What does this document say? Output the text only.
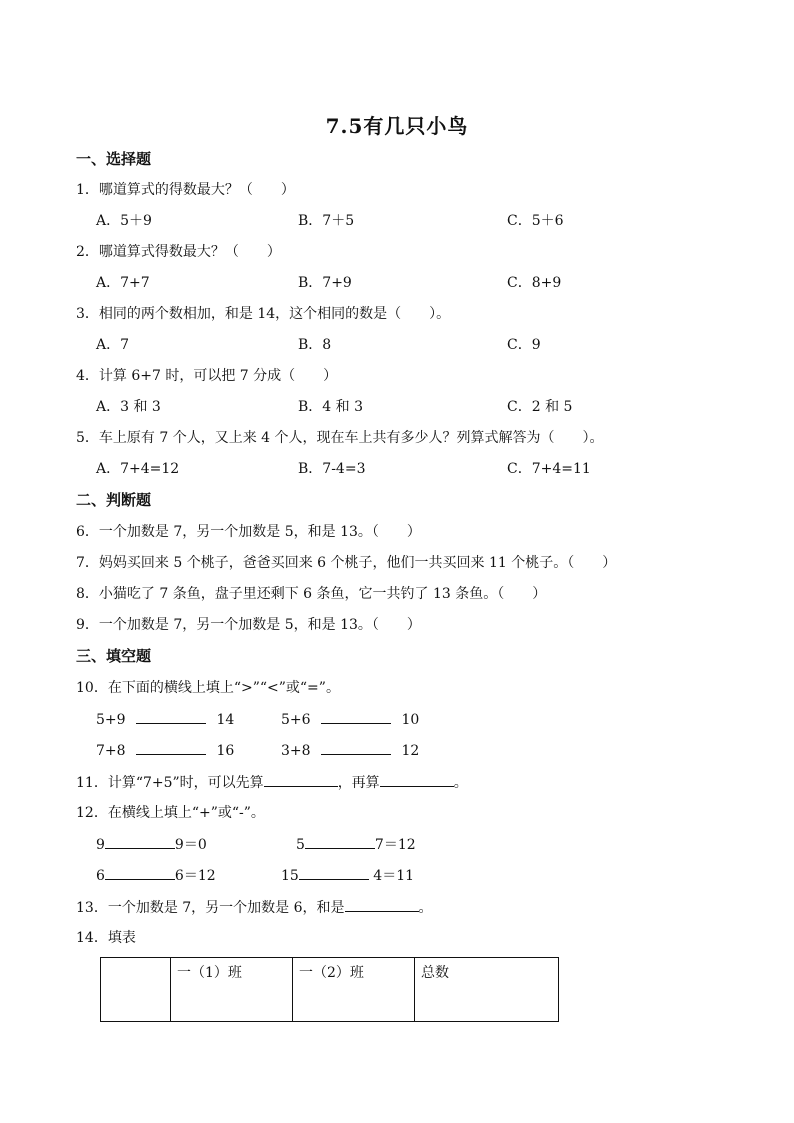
7.5有几只小鸟
一、选择题
1．哪道算式的得数最大？（　　）
A．5＋9	B．7＋5	C．5＋6
2．哪道算式得数最大？（　　）
A．7+7	B．7+9	C．8+9
3．相同的两个数相加，和是 14，这个相同的数是（　　）。
A．7	B．8	C．9
4．计算 6+7 时，可以把 7 分成（　　）
A．3 和 3	B．4 和 3	C．2 和 5
5．车上原有 7 个人，又上来 4 个人，现在车上共有多少人？列算式解答为（　　）。
A．7+4=12	B．7-4=3	C．7+4=11
二、判断题
6．一个加数是 7，另一个加数是 5，和是 13。（　　）
7．妈妈买回来 5 个桃子，爸爸买回来 6 个桃子，他们一共买回来 11 个桃子。（　　）
8．小猫吃了 7 条鱼，盘子里还剩下 6 条鱼，它一共钓了 13 条鱼。（　　）
9．一个加数是 7，另一个加数是 5，和是 13。（　　）
三、填空题
10．在下面的横线上填上“>”“<”或“=”。
5+9	14	5+6	10
7+8	16	3+8	12
11．计算“7+5”时，可以先算	，再算	。
12．在横线上填上“+”或“-”。
9	9＝0	5	7＝12
6	6＝12	15	4＝11
13．一个加数是 7，另一个加数是 6，和是	。
14．填表
	一（1）班	一（2）班	总数
